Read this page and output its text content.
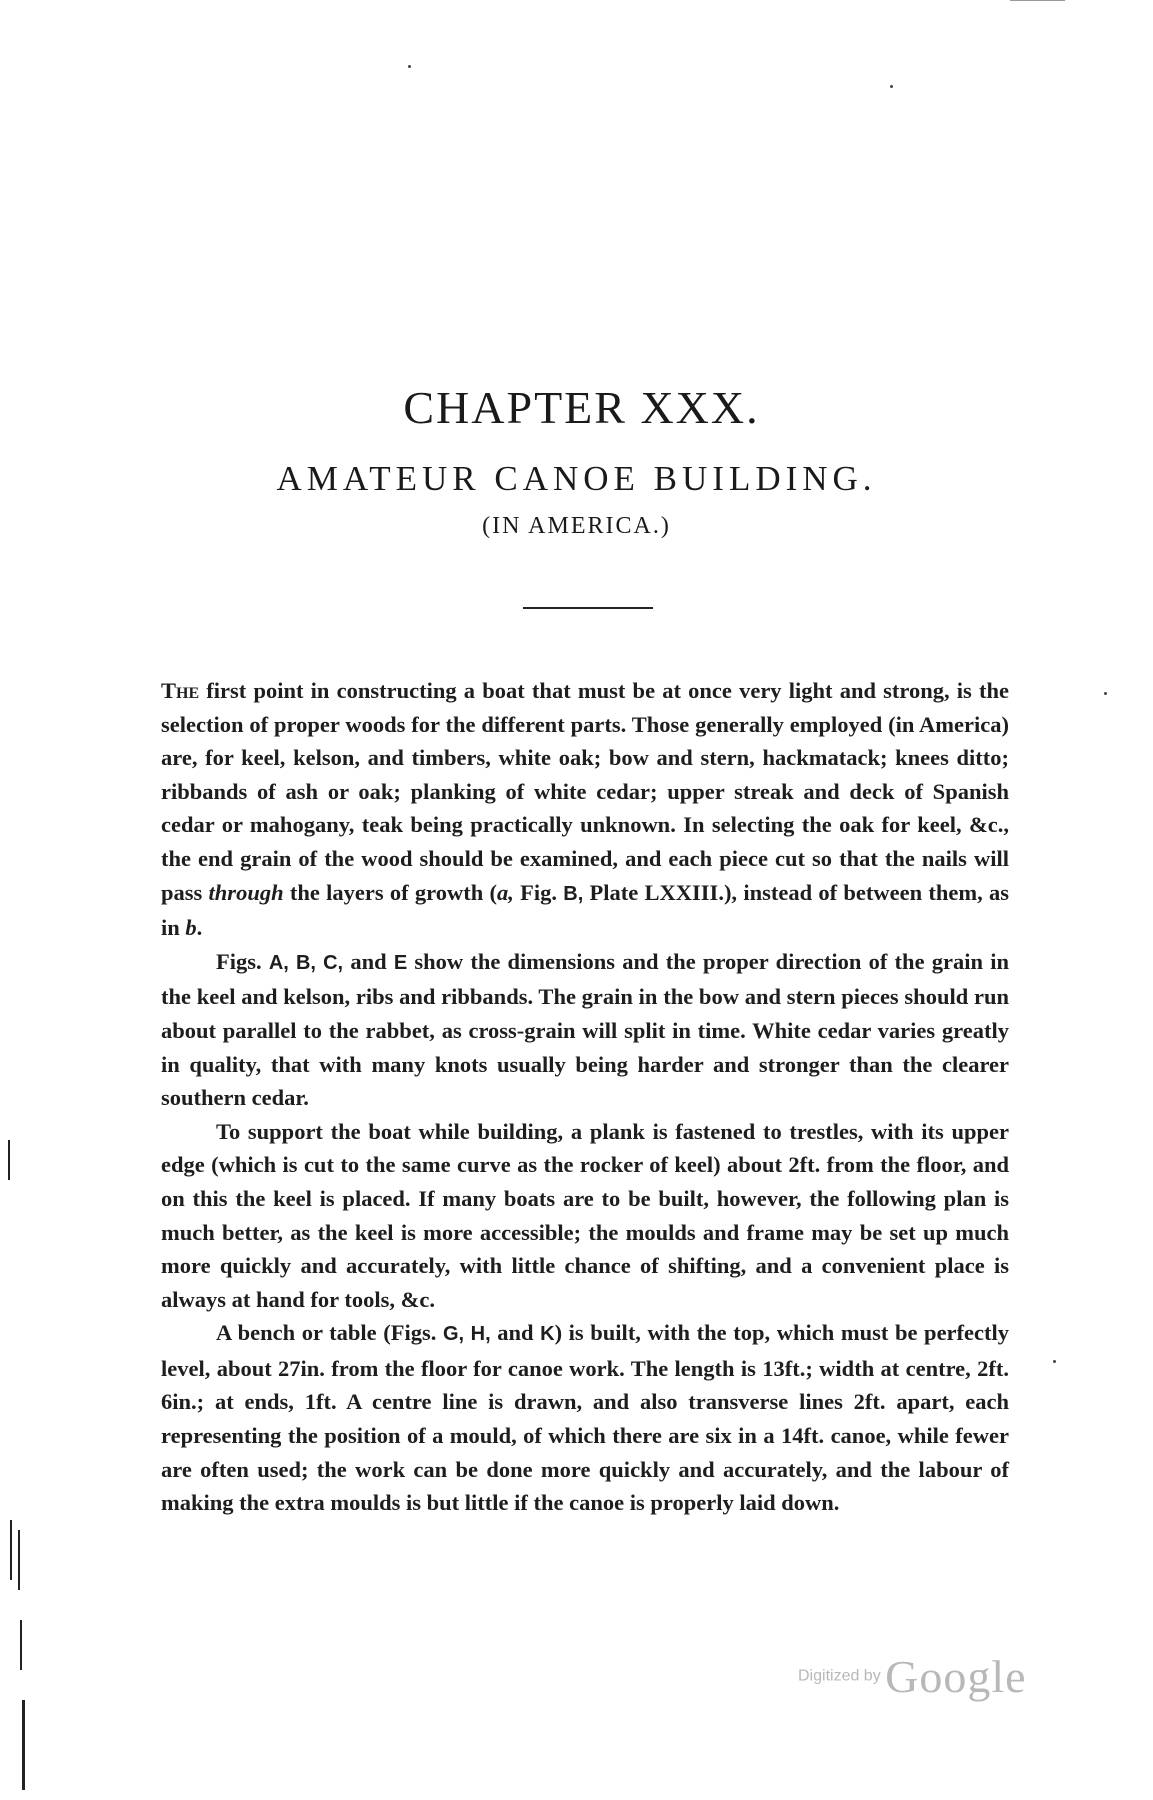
CHAPTER XXX.
AMATEUR CANOE BUILDING.
(IN AMERICA.)

The first point in constructing a boat that must be at once very light and strong, is the selection of proper woods for the different parts. Those generally employed (in America) are, for keel, kelson, and timbers, white oak; bow and stern, hackmatack; knees ditto; ribbands of ash or oak; planking of white cedar; upper streak and deck of Spanish cedar or mahogany, teak being practically unknown. In selecting the oak for keel, &c., the end grain of the wood should be examined, and each piece cut so that the nails will pass through the layers of growth (a, Fig. B, Plate LXXIII.), instead of between them, as in b.

Figs. A, B, C, and E show the dimensions and the proper direction of the grain in the keel and kelson, ribs and ribbands. The grain in the bow and stern pieces should run about parallel to the rabbet, as cross-grain will split in time. White cedar varies greatly in quality, that with many knots usually being harder and stronger than the clearer southern cedar.

To support the boat while building, a plank is fastened to trestles, with its upper edge (which is cut to the same curve as the rocker of keel) about 2ft. from the floor, and on this the keel is placed. If many boats are to be built, however, the following plan is much better, as the keel is more accessible; the moulds and frame may be set up much more quickly and accurately, with little chance of shifting, and a convenient place is always at hand for tools, &c.

A bench or table (Figs. G, H, and K) is built, with the top, which must be perfectly level, about 27in. from the floor for canoe work. The length is 13ft.; width at centre, 2ft. 6in.; at ends, 1ft. A centre line is drawn, and also transverse lines 2ft. apart, each representing the position of a mould, of which there are six in a 14ft. canoe, while fewer are often used; the work can be done more quickly and accurately, and the labour of making the extra moulds is but little if the canoe is properly laid down.

Digitized by Google
